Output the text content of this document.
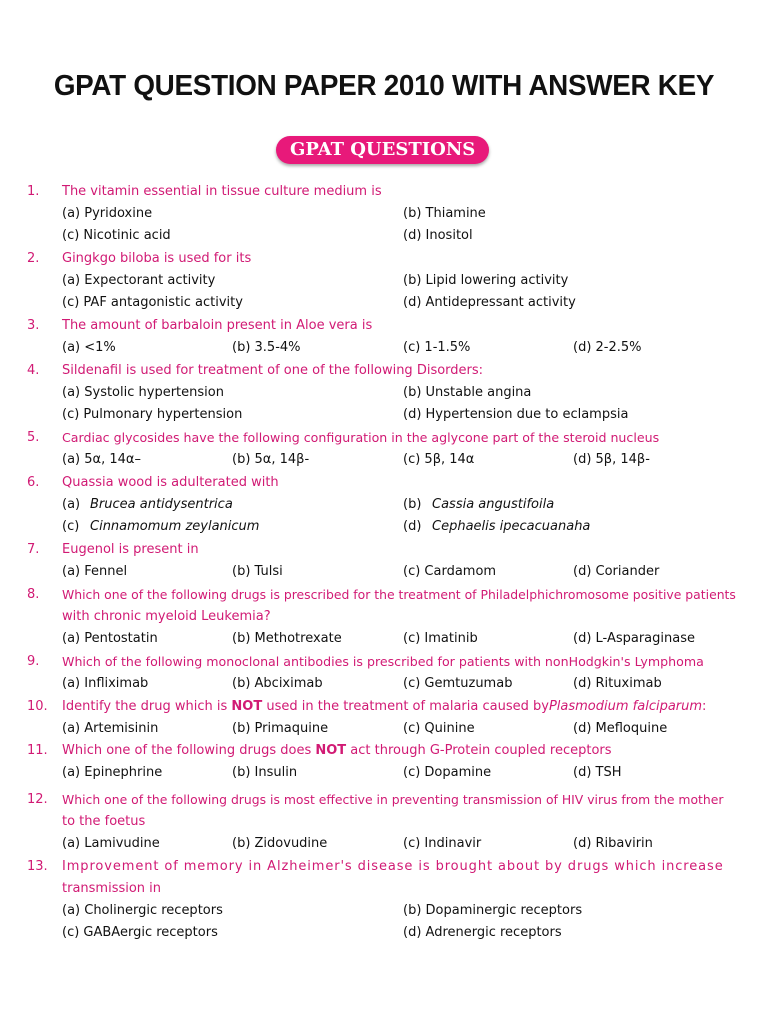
GPAT QUESTION PAPER 2010 WITH ANSWER KEY
GPAT QUESTIONS
1. The vitamin essential in tissue culture medium is
(a) Pyridoxine	(b) Thiamine
(c) Nicotinic acid	(d) Inositol
2. Gingkgo biloba is used for its
(a) Expectorant activity	(b) Lipid lowering activity
(c) PAF antagonistic activity	(d) Antidepressant activity
3. The amount of barbaloin present in Aloe vera is
(a) <1%	(b) 3.5-4%	(c) 1-1.5%	(d) 2-2.5%
4. Sildenafil is used for treatment of one of the following Disorders:
(a) Systolic hypertension	(b) Unstable angina
(c) Pulmonary hypertension	(d) Hypertension due to eclampsia
5. Cardiac glycosides have the following configuration in the aglycone part of the steroid nucleus
(a) 5α, 14α–	(b) 5α, 14β-	(c) 5β, 14α	(d) 5β, 14β-
6. Quassia wood is adulterated with
(a) Brucea antidysentrica	(b) Cassia angustifoila
(c) Cinnamomum zeylanicum	(d) Cephaelis ipecacuanaha
7. Eugenol is present in
(a) Fennel	(b) Tulsi	(c) Cardamom	(d) Coriander
8. Which one of the following drugs is prescribed for the treatment of Philadelphichromosome positive patients
with chronic myeloid Leukemia?
(a) Pentostatin	(b) Methotrexate	(c) Imatinib	(d) L-Asparaginase
9. Which of the following monoclonal antibodies is prescribed for patients with nonHodgkin's Lymphoma
(a) Infliximab	(b) Abciximab	(c) Gemtuzumab	(d) Rituximab
10. Identify the drug which is NOT used in the treatment of malaria caused byPlasmodium falciparum:
(a) Artemisinin	(b) Primaquine	(c) Quinine	(d) Mefloquine
11. Which one of the following drugs does NOT act through G-Protein coupled receptors
(a) Epinephrine	(b) Insulin	(c) Dopamine	(d) TSH
12. Which one of the following drugs is most effective in preventing transmission of HIV virus from the mother
to the foetus
(a) Lamivudine	(b) Zidovudine	(c) Indinavir	(d) Ribavirin
13. Improvement of memory in Alzheimer's disease is brought about by drugs which increase
transmission in
(a) Cholinergic receptors	(b) Dopaminergic receptors
(c) GABAergic receptors	(d) Adrenergic receptors
